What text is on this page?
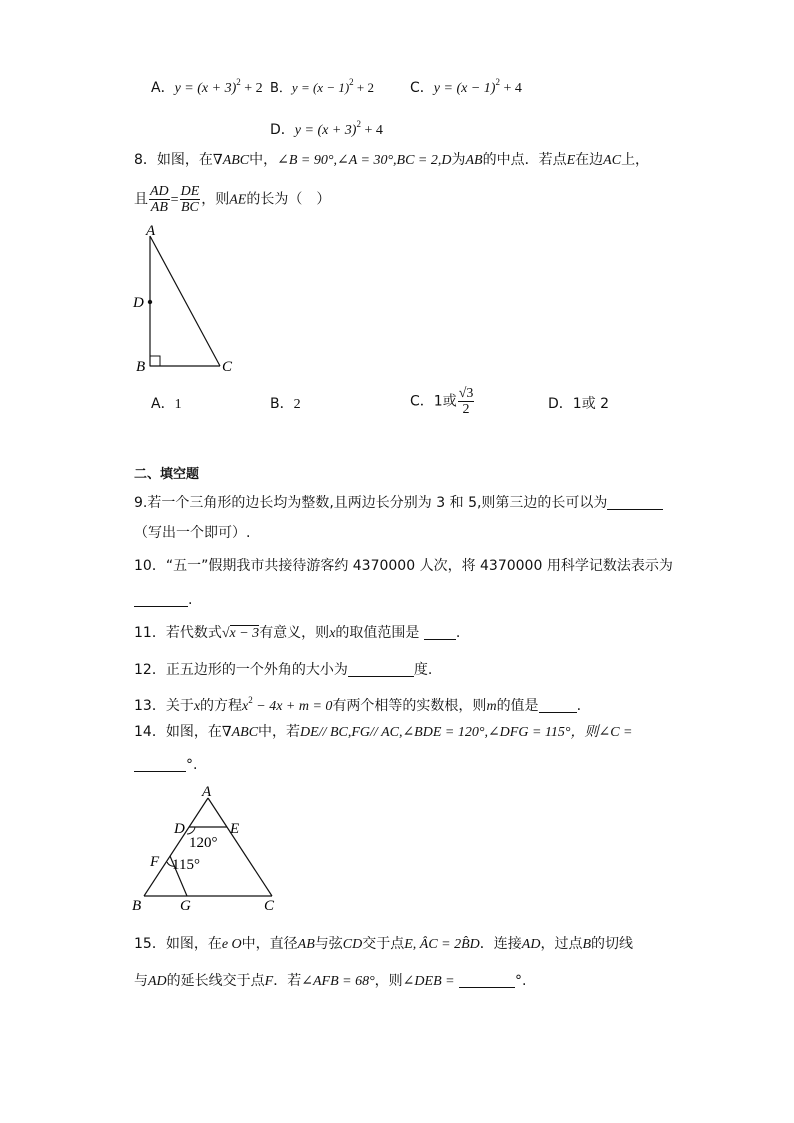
A．$y = (x + 3)^2 + 2$ B．$y = (x - 1)^2 + 2$	C．$y = (x - 1)^2 + 4$
D．$y = (x + 3)^2 + 4$
8．如图，在∇ABC中，∠B = 90°,∠A = 30°,BC = 2,D为AB的中点．若点E在边AC上，
且 $\frac{AD}{AB} = \frac{DE}{BC}$ ，则AE的长为（　）
A
D
B	C
A．1	B．2	C．1或 $\frac{√3}{2}$	D．1或 2
二、填空题
9.若一个三角形的边长均为整数,且两边长分别为 3 和 5,则第三边的长可以为
（写出一个即可）.
10．“五一”假期我市共接待游客约 4370000 人次，将 4370000 用科学记数法表示为
.
11．若代数式√x − 3有意义，则x的取值范围是	.
12．正五边形的一个外角的大小为	度.
13．关于x的方程$x^2 - 4x + m = 0$有两个相等的实数根，则m的值是	.
14．如图，在∇ABC中，若DE// BC,FG// AC,∠BDE = 120°,∠DFG = 115°，则∠C =
°.
A
D	E
F
B	G	C
120°
115°
15．如图，在e O中，直径AB与弦CD交于点E, ÂC = 2B̂D．连接AD，过点B的切线
与AD的延长线交于点F．若∠AFB = 68°，则∠DEB =	°.
